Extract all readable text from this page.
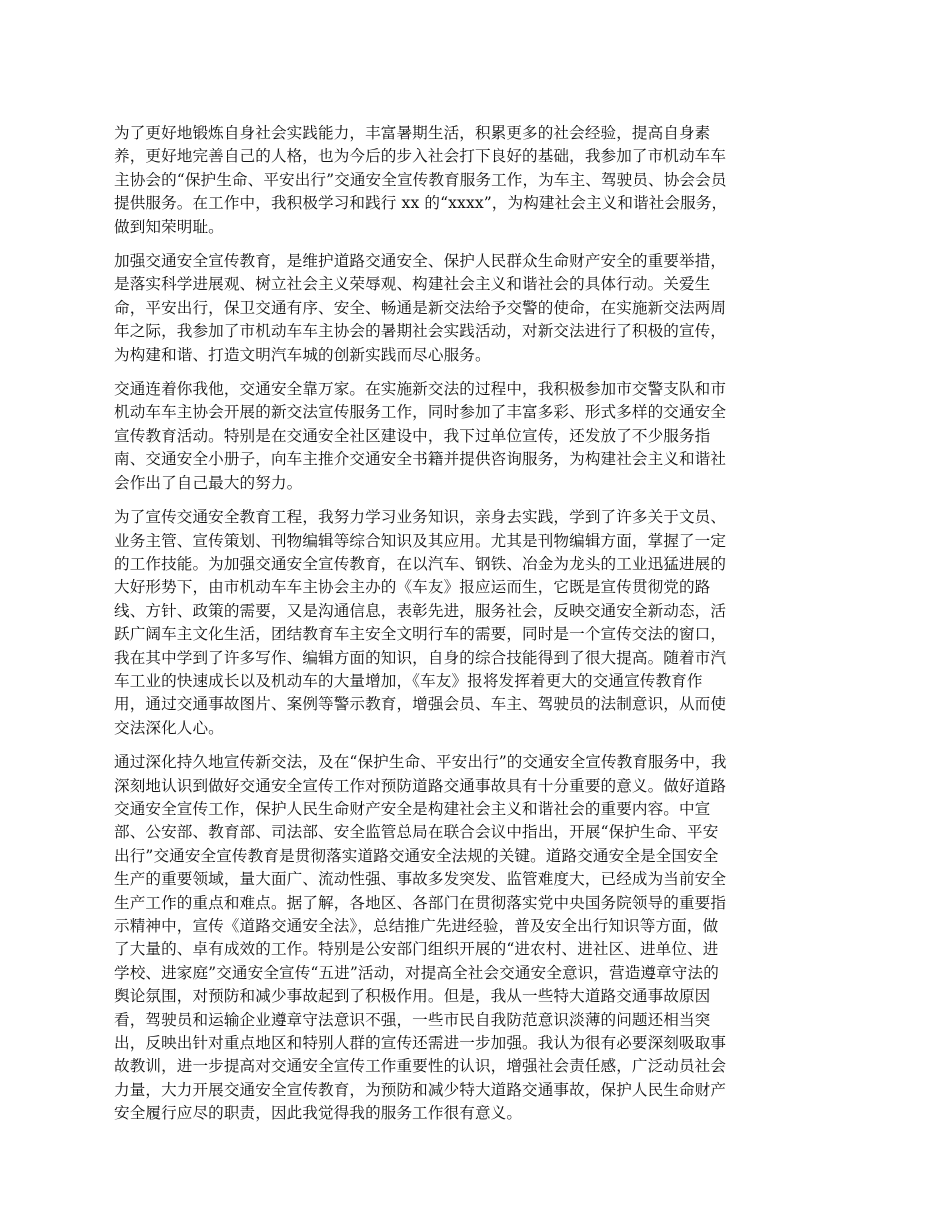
为了更好地锻炼自身社会实践能力，丰富暑期生活，积累更多的社会经验，提高自身素
养，更好地完善自己的人格，也为今后的步入社会打下良好的基础，我参加了市机动车车
主协会的“保护生命、平安出行”交通安全宣传教育服务工作，为车主、驾驶员、协会会员
提供服务。在工作中，我积极学习和践行 xx 的“xxxx”，为构建社会主义和谐社会服务，
做到知荣明耻。

加强交通安全宣传教育，是维护道路交通安全、保护人民群众生命财产安全的重要举措，
是落实科学进展观、树立社会主义荣辱观、构建社会主义和谐社会的具体行动。关爱生
命，平安出行，保卫交通有序、安全、畅通是新交法给予交警的使命，在实施新交法两周
年之际，我参加了市机动车车主协会的暑期社会实践活动，对新交法进行了积极的宣传，
为构建和谐、打造文明汽车城的创新实践而尽心服务。

交通连着你我他，交通安全靠万家。在实施新交法的过程中，我积极参加市交警支队和市
机动车车主协会开展的新交法宣传服务工作，同时参加了丰富多彩、形式多样的交通安全
宣传教育活动。特别是在交通安全社区建设中，我下过单位宣传，还发放了不少服务指
南、交通安全小册子，向车主推介交通安全书籍并提供咨询服务，为构建社会主义和谐社
会作出了自己最大的努力。

为了宣传交通安全教育工程，我努力学习业务知识，亲身去实践，学到了许多关于文员、
业务主管、宣传策划、刊物编辑等综合知识及其应用。尤其是刊物编辑方面，掌握了一定
的工作技能。为加强交通安全宣传教育，在以汽车、钢铁、冶金为龙头的工业迅猛进展的
大好形势下，由市机动车车主协会主办的《车友》报应运而生，它既是宣传贯彻党的路
线、方针、政策的需要，又是沟通信息，表彰先进，服务社会，反映交通安全新动态，活
跃广阔车主文化生活，团结教育车主安全文明行车的需要，同时是一个宣传交法的窗口，
我在其中学到了许多写作、编辑方面的知识，自身的综合技能得到了很大提高。随着市汽
车工业的快速成长以及机动车的大量增加，《车友》报将发挥着更大的交通宣传教育作
用，通过交通事故图片、案例等警示教育，增强会员、车主、驾驶员的法制意识，从而使
交法深化人心。

通过深化持久地宣传新交法，及在“保护生命、平安出行”的交通安全宣传教育服务中，我
深刻地认识到做好交通安全宣传工作对预防道路交通事故具有十分重要的意义。做好道路
交通安全宣传工作，保护人民生命财产安全是构建社会主义和谐社会的重要内容。中宣
部、公安部、教育部、司法部、安全监管总局在联合会议中指出，开展“保护生命、平安
出行”交通安全宣传教育是贯彻落实道路交通安全法规的关键。道路交通安全是全国安全
生产的重要领域，量大面广、流动性强、事故多发突发、监管难度大，已经成为当前安全
生产工作的重点和难点。据了解，各地区、各部门在贯彻落实党中央国务院领导的重要指
示精神中，宣传《道路交通安全法》，总结推广先进经验，普及安全出行知识等方面，做
了大量的、卓有成效的工作。特别是公安部门组织开展的“进农村、进社区、进单位、进
学校、进家庭”交通安全宣传“五进”活动，对提高全社会交通安全意识，营造遵章守法的
舆论氛围，对预防和减少事故起到了积极作用。但是，我从一些特大道路交通事故原因
看，驾驶员和运输企业遵章守法意识不强，一些市民自我防范意识淡薄的问题还相当突
出，反映出针对重点地区和特别人群的宣传还需进一步加强。我认为很有必要深刻吸取事
故教训，进一步提高对交通安全宣传工作重要性的认识，增强社会责任感，广泛动员社会
力量，大力开展交通安全宣传教育，为预防和减少特大道路交通事故，保护人民生命财产
安全履行应尽的职责，因此我觉得我的服务工作很有意义。
